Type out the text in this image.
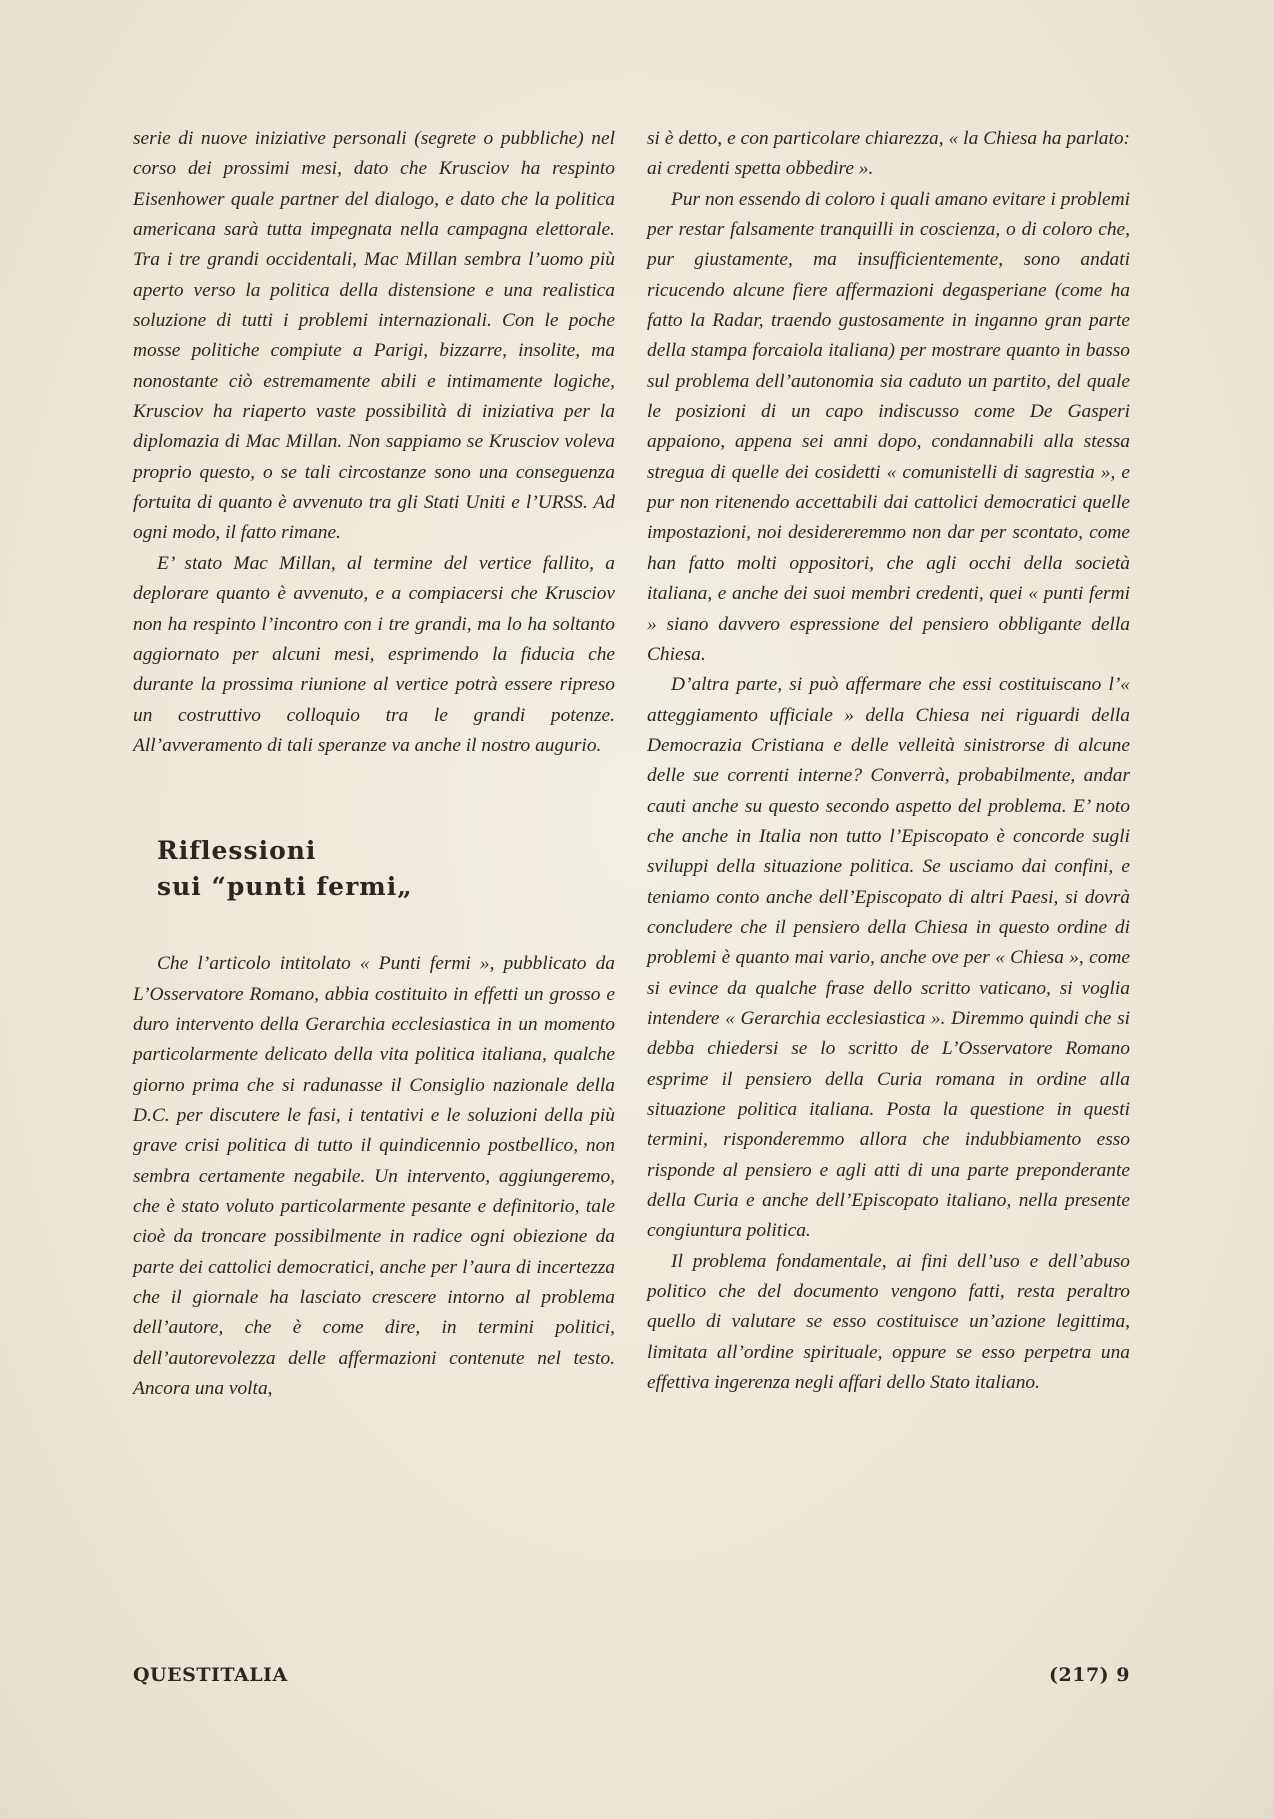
serie di nuove iniziative personali (segrete o pubbliche) nel corso dei prossimi mesi, dato che Krusciov ha respinto Eisenhower quale partner del dialogo, e dato che la politica americana sarà tutta impegnata nella campagna elettorale. Tra i tre grandi occidentali, Mac Millan sembra l’uomo più aperto verso la politica della distensione e una realistica soluzione di tutti i problemi internazionali. Con le poche mosse politiche compiute a Parigi, bizzarre, insolite, ma nonostante ciò estremamente abili e intimamente logiche, Krusciov ha riaperto vaste possibilità di iniziativa per la diplomazia di Mac Millan. Non sappiamo se Krusciov voleva proprio questo, o se tali circostanze sono una conseguenza fortuita di quanto è avvenuto tra gli Stati Uniti e l’URSS. Ad ogni modo, il fatto rimane.

E’ stato Mac Millan, al termine del vertice fallito, a deplorare quanto è avvenuto, e a compiacersi che Krusciov non ha respinto l’incontro con i tre grandi, ma lo ha soltanto aggiornato per alcuni mesi, esprimendo la fiducia che durante la prossima riunione al vertice potrà essere ripreso un costruttivo colloquio tra le grandi potenze. All’avveramento di tali speranze va anche il nostro augurio.

Riflessioni

sui “punti fermi„

Che l’articolo intitolato « Punti fermi », pubblicato da L’Osservatore Romano, abbia costituito in effetti un grosso e duro intervento della Gerarchia ecclesiastica in un momento particolarmente delicato della vita politica italiana, qualche giorno prima che si radunasse il Consiglio nazionale della D.C. per discutere le fasi, i tentativi e le soluzioni della più grave crisi politica di tutto il quindicennio postbellico, non sembra certamente negabile. Un intervento, aggiungeremo, che è stato voluto particolarmente pesante e definitorio, tale cioè da troncare possibilmente in radice ogni obiezione da parte dei cattolici democratici, anche per l’aura di incertezza che il giornale ha lasciato crescere intorno al problema dell’autore, che è come dire, in termini politici, dell’autorevolezza delle affermazioni contenute nel testo. Ancora una volta,

si è detto, e con particolare chiarezza, « la Chiesa ha parlato: ai credenti spetta obbedire ».

Pur non essendo di coloro i quali amano evitare i problemi per restar falsamente tranquilli in coscienza, o di coloro che, pur giustamente, ma insufficientemente, sono andati ricucendo alcune fiere affermazioni degasperiane (come ha fatto la Radar, traendo gustosamente in inganno gran parte della stampa forcaiola italiana) per mostrare quanto in basso sul problema dell’autonomia sia caduto un partito, del quale le posizioni di un capo indiscusso come De Gasperi appaiono, appena sei anni dopo, condannabili alla stessa stregua di quelle dei cosidetti « comunistelli di sagrestia », e pur non ritenendo accettabili dai cattolici democratici quelle impostazioni, noi desidereremmo non dar per scontato, come han fatto molti oppositori, che agli occhi della società italiana, e anche dei suoi membri credenti, quei « punti fermi » siano davvero espressione del pensiero obbligante della Chiesa.

D’altra parte, si può affermare che essi costituiscano l’« atteggiamento ufficiale » della Chiesa nei riguardi della Democrazia Cristiana e delle velleità sinistrorse di alcune delle sue correnti interne? Converrà, probabilmente, andar cauti anche su questo secondo aspetto del problema. E’ noto che anche in Italia non tutto l’Episcopato è concorde sugli sviluppi della situazione politica. Se usciamo dai confini, e teniamo conto anche dell’Episcopato di altri Paesi, si dovrà concludere che il pensiero della Chiesa in questo ordine di problemi è quanto mai vario, anche ove per « Chiesa », come si evince da qualche frase dello scritto vaticano, si voglia intendere « Gerarchia ecclesiastica ». Diremmo quindi che si debba chiedersi se lo scritto de L’Osservatore Romano esprime il pensiero della Curia romana in ordine alla situazione politica italiana. Posta la questione in questi termini, risponderemmo allora che indubbiamento esso risponde al pensiero e agli atti di una parte preponderante della Curia e anche dell’Episcopato italiano, nella presente congiuntura politica.

Il problema fondamentale, ai fini dell’uso e dell’abuso politico che del documento vengono fatti, resta peraltro quello di valutare se esso costituisce un’azione legittima, limitata all’ordine spirituale, oppure se esso perpetra una effettiva ingerenza negli affari dello Stato italiano.

QUESTITALIA	(217) 9
